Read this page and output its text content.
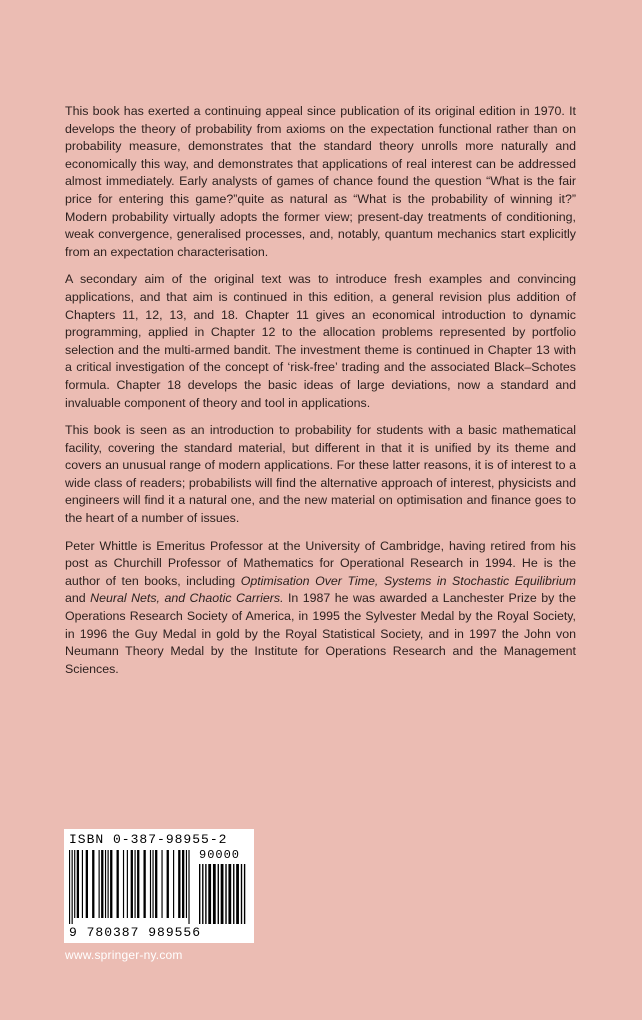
This book has exerted a continuing appeal since publication of its original edition in 1970. It develops the theory of probability from axioms on the expectation functional rather than on probability measure, demonstrates that the standard theory unrolls more naturally and economically this way, and demonstrates that applications of real interest can be addressed almost immediately. Early analysts of games of chance found the question “What is the fair price for entering this game?”quite as natural as “What is the probability of winning it?” Modern probability virtually adopts the former view; present-day treatments of conditioning, weak convergence, generalised processes, and, notably, quantum mechanics start explicitly from an expectation characterisation.

A secondary aim of the original text was to introduce fresh examples and convincing applications, and that aim is continued in this edition, a general revision plus addition of Chapters 11, 12, 13, and 18. Chapter 11 gives an economical introduction to dynamic programming, applied in Chapter 12 to the allocation problems represented by portfolio selection and the multi-armed bandit. The investment theme is continued in Chapter 13 with a critical investigation of the concept of ‘risk-free’ trading and the associated Black–Schotes formula. Chapter 18 develops the basic ideas of large deviations, now a standard and invaluable component of theory and tool in applications.

This book is seen as an introduction to probability for students with a basic mathematical facility, covering the standard material, but different in that it is unified by its theme and covers an unusual range of modern applications. For these latter reasons, it is of interest to a wide class of readers; probabilists will find the alternative approach of interest, physicists and engineers will find it a natural one, and the new material on optimisation and finance goes to the heart of a number of issues.

Peter Whittle is Emeritus Professor at the University of Cambridge, having retired from his post as Churchill Professor of Mathematics for Operational Research in 1994. He is the author of ten books, including Optimisation Over Time, Systems in Stochastic Equilibrium and Neural Nets, and Chaotic Carriers. In 1987 he was awarded a Lanchester Prize by the Operations Research Society of America, in 1995 the Sylvester Medal by the Royal Society, in 1996 the Guy Medal in gold by the Royal Statistical Society, and in 1997 the John von Neumann Theory Medal by the Institute for Operations Research and the Management Sciences.

ISBN 0-387-98955-2
90000
9 780387 989556
www.springer-ny.com
